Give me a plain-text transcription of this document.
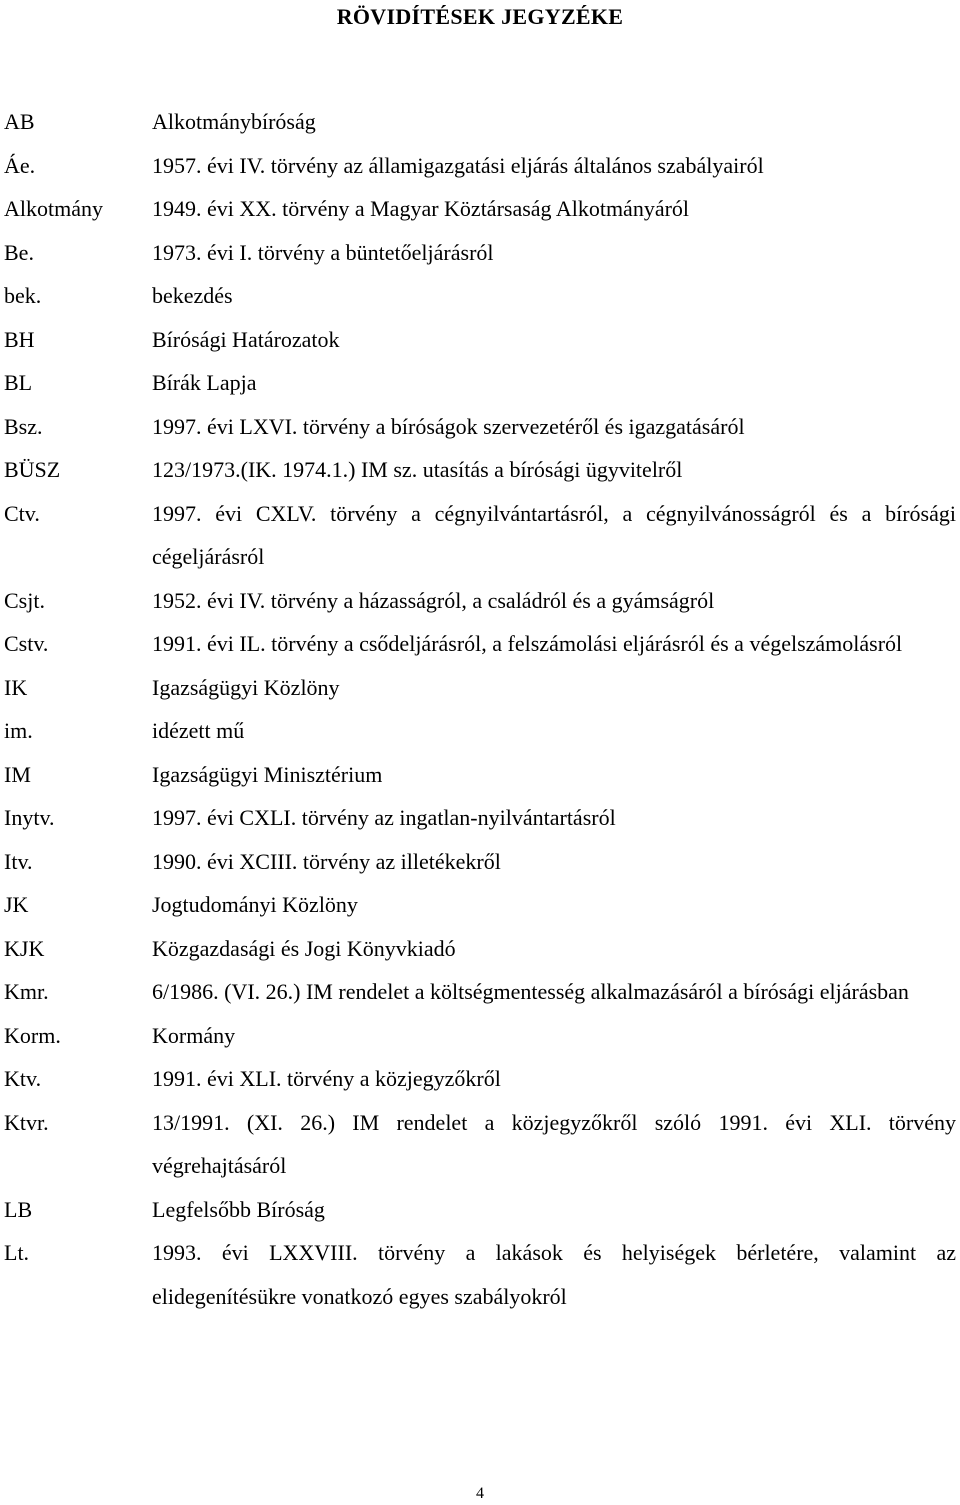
RÖVIDÍTÉSEK JEGYZÉKE
AB	Alkotmánybíróság
Áe.	1957. évi IV. törvény az államigazgatási eljárás általános szabályairól
Alkotmány	1949. évi XX. törvény a Magyar Köztársaság Alkotmányáról
Be.	1973. évi I. törvény a büntetőeljárásról
bek.	bekezdés
BH	Bírósági Határozatok
BL	Bírák Lapja
Bsz.	1997. évi LXVI. törvény a bíróságok szervezetéről és igazgatásáról
BÜSZ	123/1973.(IK. 1974.1.) IM sz. utasítás a bírósági ügyvitelről
Ctv.	1997. évi CXLV. törvény a cégnyilvántartásról, a cégnyilvánosságról és a bírósági cégeljárásról
Csjt.	1952. évi IV. törvény a házasságról, a családról és a gyámságról
Cstv.	1991. évi IL. törvény a csődeljárásról, a felszámolási eljárásról és a végelszámolásról
IK	Igazságügyi Közlöny
im.	idézett mű
IM	Igazságügyi Minisztérium
Inytv.	1997. évi CXLI. törvény az ingatlan-nyilvántartásról
Itv.	1990. évi XCIII. törvény az illetékekről
JK	Jogtudományi Közlöny
KJK	Közgazdasági és Jogi Könyvkiadó
Kmr.	6/1986. (VI. 26.) IM rendelet a költségmentesség alkalmazásáról a bírósági eljárásban
Korm.	Kormány
Ktv.	1991. évi XLI. törvény a közjegyzőkről
Ktvr.	13/1991. (XI. 26.) IM rendelet a közjegyzőkről szóló 1991. évi XLI. törvény végrehajtásáról
LB	Legfelsőbb Bíróság
Lt.	1993. évi LXXVIII. törvény a lakások és helyiségek bérletére, valamint az elidegenítésükre vonatkozó egyes szabályokról
4
